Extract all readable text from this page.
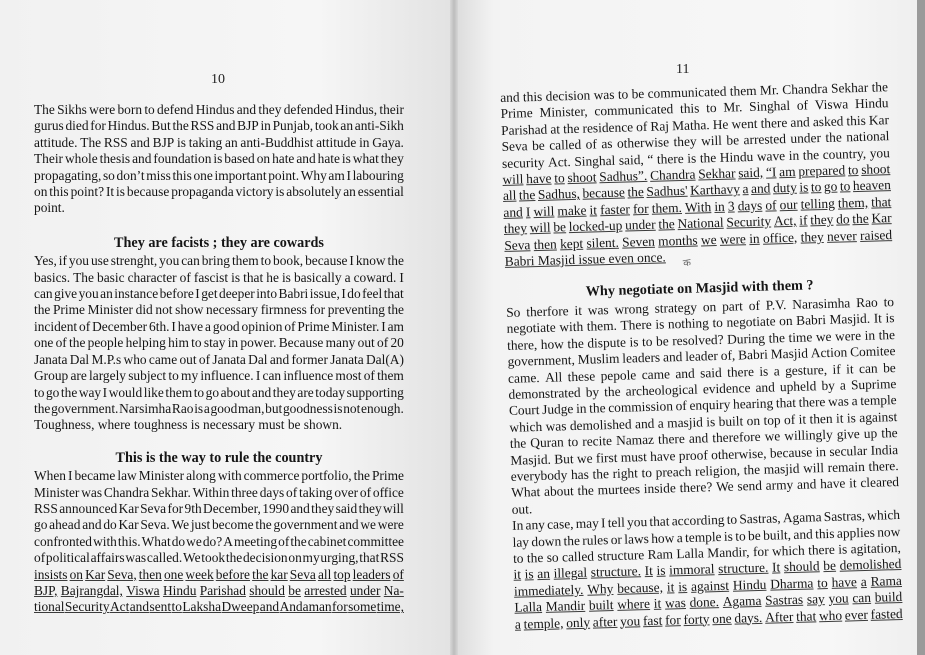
10
11

The Sikhs were born to defend Hindus and they defended Hindus, their
gurus died for Hindus. But the RSS and BJP in Punjab, took an anti-Sikh
attitude. The RSS and BJP is taking an anti-Buddhist attitude in Gaya.
Their whole thesis and foundation is based on hate and hate is what they
propagating, so don’t miss this one important point. Why am I labouring
on this point? It is because propaganda victory is absolutely an essential
point.

They are facists ; they are cowards

Yes, if you use strenght, you can bring them to book, because I know the
basics. The basic character of fascist is that he is basically a coward. I
can give you an instance before I get deeper into Babri issue, I do feel that
the Prime Minister did not show necessary firmness for preventing the
incident of December 6th. I have a good opinion of Prime Minister. I am
one of the people helping him to stay in power. Because many out of 20
Janata Dal M.P.s who came out of Janata Dal and former Janata Dal(A)
Group are largely subject to my influence. I can influence most of them
to go the way I would like them to go about and they are today supporting
the government. Narsimha Rao is a good man, but goodness is not enough.
Toughness, where toughness is necessary must be shown.

This is the way to rule the country

When I became law Minister along with commerce portfolio, the Prime
Minister was Chandra Sekhar. Within three days of taking over of office
RSS announced Kar Seva for 9th December, 1990 and they said they will
go ahead and do Kar Seva. We just become the government and we were
confronted with this. What do we do? A meeting of the cabinet committee
of political affairs was called. We took the decision on my urging, that RSS
insists on Kar Seva, then one week before the kar Seva all top leaders of
BJP, Bajrangdal, Viswa Hindu Parishad should be arrested under Na-
tional Security Act and sent to Laksha Dweep and Andaman for some time,

and this decision was to be communicated them Mr. Chandra Sekhar the
Prime Minister, communicated this to Mr. Singhal of Viswa Hindu
Parishad at the residence of Raj Matha. He went there and asked this Kar
Seva be called of as otherwise they will be arrested under the national
security Act. Singhal said, “ there is the Hindu wave in the country, you
will have to shoot Sadhus”. Chandra Sekhar said, “I am prepared to shoot
all the Sadhus, because the Sadhus' Karthavy a and duty is to go to heaven
and I will make it faster for them. With in 3 days of our telling them, that
they will be locked-up under the National Security Act, if they do the Kar
Seva then kept silent. Seven months we were in office, they never raised
Babri Masjid issue even once.

Why negotiate on Masjid with them ?

So therfore it was wrong strategy on part of P.V. Narasimha Rao to
negotiate with them. There is nothing to negotiate on Babri Masjid. It is
there, how the dispute is to be resolved? During the time we were in the
government, Muslim leaders and leader of, Babri Masjid Action Comitee
came. All these pepole came and said there is a gesture, if it can be
demonstrated by the archeological evidence and upheld by a Suprime
Court Judge in the commission of enquiry hearing that there was a temple
which was demolished and a masjid is built on top of it then it is against
the Quran to recite Namaz there and therefore we willingly give up the
Masjid. But we first must have proof otherwise, because in secular India
everybody has the right to preach religion, the masjid will remain there.
What about the murtees inside there? We send army and have it cleared
out.

In any case, may I tell you that according to Sastras, Agama Sastras, which
lay down the rules or laws how a temple is to be built, and this applies now
to the so called structure Ram Lalla Mandir, for which there is agitation,
it is an illegal structure. It is immoral structure. It should be demolished
immediately. Why because, it is against Hindu Dharma to have a Rama
Lalla Mandir built where it was done. Agama Sastras say you can build
a temple, only after you fast for forty one days. After that who ever fasted

क
